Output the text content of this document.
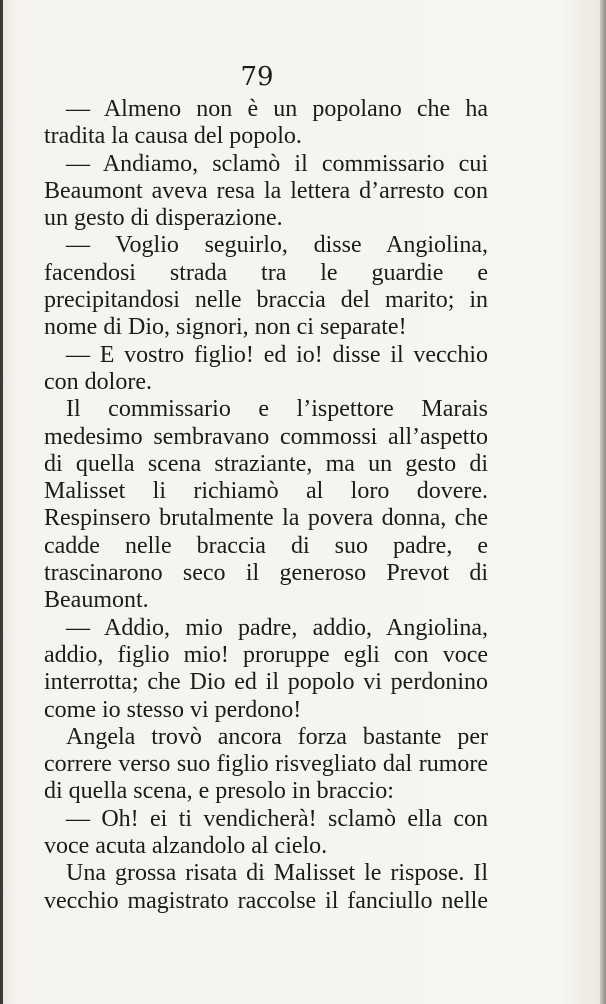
79

— Almeno non è un popolano che ha tradita la causa del popolo.

— Andiamo, sclamò il commissario cui Beaumont aveva resa la lettera d’arresto con un gesto di disperazione.

— Voglio seguirlo, disse Angiolina, facendosi strada tra le guardie e precipitandosi nelle braccia del marito; in nome di Dio, signori, non ci separate!

— E vostro figlio! ed io! disse il vecchio con dolore.

Il commissario e l’ispettore Marais medesimo sembravano commossi all’aspetto di quella scena straziante, ma un gesto di Malisset li richiamò al loro dovere. Respinsero brutalmente la povera donna, che cadde nelle braccia di suo padre, e trascinarono seco il generoso Prevot di Beaumont.

— Addio, mio padre, addio, Angiolina, addio, figlio mio! proruppe egli con voce interrotta; che Dio ed il popolo vi perdonino come io stesso vi perdono!

Angela trovò ancora forza bastante per correre verso suo figlio risvegliato dal rumore di quella scena, e presolo in braccio:

— Oh! ei ti vendicherà! sclamò ella con voce acuta alzandolo al cielo.

Una grossa risata di Malisset le rispose. Il vecchio magistrato raccolse il fanciullo nelle
